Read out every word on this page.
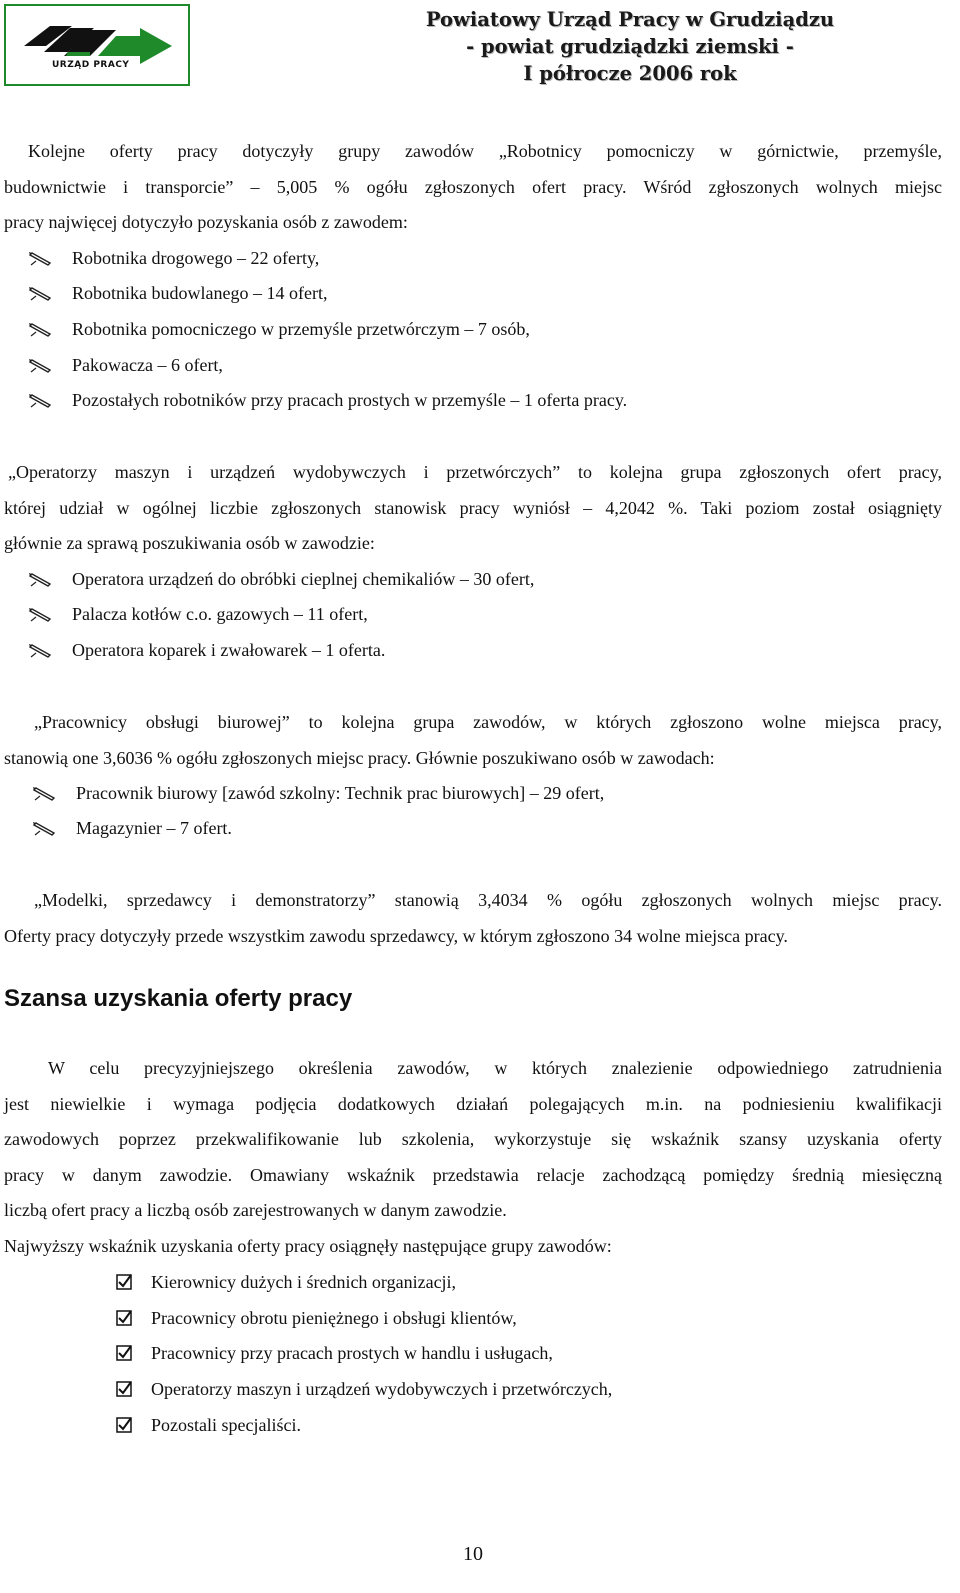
URZĄD PRACY
Powiatowy Urząd Pracy w Grudziądzu
- powiat grudziądzki ziemski -
I półrocze 2006 rok
Kolejne oferty pracy dotyczyły grupy zawodów „Robotnicy pomocniczy w górnictwie, przemyśle,
budownictwie i transporcie” – 5,005 % ogółu zgłoszonych ofert pracy. Wśród zgłoszonych wolnych miejsc
pracy najwięcej dotyczyło pozyskania osób z zawodem:
Robotnika drogowego – 22 oferty,
Robotnika budowlanego – 14 ofert,
Robotnika pomocniczego w przemyśle przetwórczym – 7 osób,
Pakowacza – 6 ofert,
Pozostałych robotników przy pracach prostych w przemyśle – 1 oferta pracy.
„Operatorzy maszyn i urządzeń wydobywczych i przetwórczych” to kolejna grupa zgłoszonych ofert pracy,
której udział w ogólnej liczbie zgłoszonych stanowisk pracy wyniósł – 4,2042 %. Taki poziom został osiągnięty
głównie za sprawą poszukiwania osób w zawodzie:
Operatora urządzeń do obróbki cieplnej chemikaliów – 30 ofert,
Palacza kotłów c.o. gazowych – 11 ofert,
Operatora koparek i zwałowarek – 1 oferta.
„Pracownicy obsługi biurowej” to kolejna grupa zawodów, w których zgłoszono wolne miejsca pracy,
stanowią one 3,6036 % ogółu zgłoszonych miejsc pracy. Głównie poszukiwano osób w zawodach:
Pracownik biurowy [zawód szkolny: Technik prac biurowych] – 29 ofert,
Magazynier – 7 ofert.
„Modelki, sprzedawcy i demonstratorzy” stanowią 3,4034 % ogółu zgłoszonych wolnych miejsc pracy.
Oferty pracy dotyczyły przede wszystkim zawodu sprzedawcy, w którym zgłoszono 34 wolne miejsca pracy.
Szansa uzyskania oferty pracy
W celu precyzyjniejszego określenia zawodów, w których znalezienie odpowiedniego zatrudnienia
jest niewielkie i wymaga podjęcia dodatkowych działań polegających m.in. na podniesieniu kwalifikacji
zawodowych poprzez przekwalifikowanie lub szkolenia, wykorzystuje się wskaźnik szansy uzyskania oferty
pracy w danym zawodzie. Omawiany wskaźnik przedstawia relacje zachodzącą pomiędzy średnią miesięczną
liczbą ofert pracy a liczbą osób zarejestrowanych w danym zawodzie.
Najwyższy wskaźnik uzyskania oferty pracy osiągnęły następujące grupy zawodów:
Kierownicy dużych i średnich organizacji,
Pracownicy obrotu pieniężnego i obsługi klientów,
Pracownicy przy pracach prostych w handlu i usługach,
Operatorzy maszyn i urządzeń wydobywczych i przetwórczych,
Pozostali specjaliści.
10
